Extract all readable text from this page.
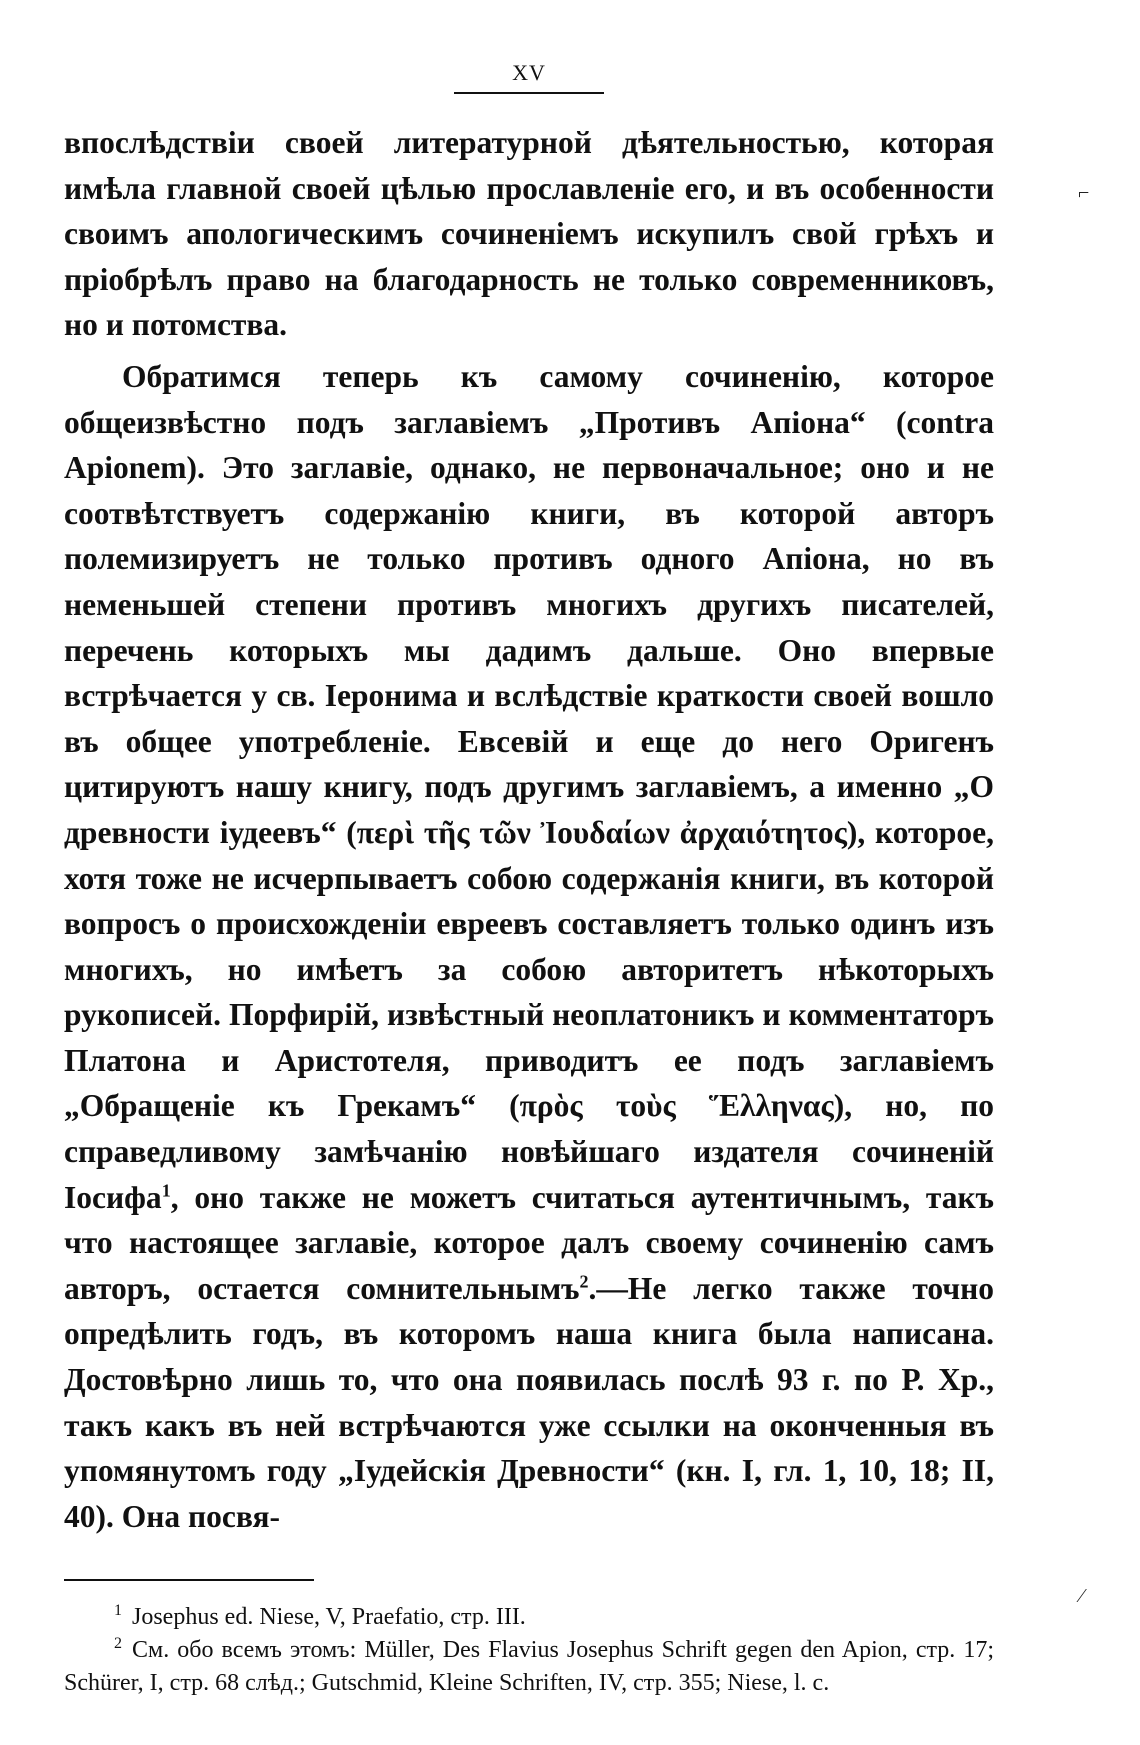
XV

впослѣдствіи своей литературной дѣятельностью, которая имѣла главной своей цѣлью прославленіе его, и въ особенности своимъ апологическимъ сочиненіемъ искупилъ свой грѣхъ и пріобрѣлъ право на благодарность не только современниковъ, но и потомства.

Обратимся теперь къ самому сочиненію, которое общеизвѣстно подъ заглавіемъ „Противъ Апіона“ (contra Apionem). Это заглавіе, однако, не первоначальное; оно и не соотвѣтствуетъ содержанію книги, въ которой авторъ полемизируетъ не только противъ одного Апіона, но въ неменьшей степени противъ многихъ другихъ писателей, перечень которыхъ мы дадимъ дальше. Оно впервые встрѣчается у св. Іеронима и вслѣдствіе краткости своей вошло въ общее употребленіе. Евсевій и еще до него Оригенъ цитируютъ нашу книгу, подъ другимъ заглавіемъ, а именно „О древности іудеевъ“ (περὶ τῆς τῶν Ἰουδαίων ἀρχαιότητος), которое, хотя тоже не исчерпываетъ собою содержанія книги, въ которой вопросъ о происхожденіи евреевъ составляетъ только одинъ изъ многихъ, но имѣетъ за собою авторитетъ нѣкоторыхъ рукописей. Порфирій, извѣстный неоплатоникъ и комментаторъ Платона и Аристотеля, приводитъ ее подъ заглавіемъ „Обращеніе къ Грекамъ“ (πρὸς τοὺς Ἕλληνας), но, по справедливому замѣчанію новѣйшаго издателя сочиненій Іосифа$^1$, оно также не можетъ считаться аутентичнымъ, такъ что настоящее заглавіе, которое далъ своему сочиненію самъ авторъ, остается сомнительнымъ$^2$.—Не легко также точно опредѣлить годъ, въ которомъ наша книга была написана. Достовѣрно лишь то, что она появилась послѣ 93 г. по Р. Хр., такъ какъ въ ней встрѣчаются уже ссылки на оконченныя въ упомянутомъ году „Іудейскія Древности“ (кн. I, гл. 1, 10, 18; II, 40). Она посвя-

$^1$ Josephus ed. Niese, V, Praefatio, стр. III.

$^2$ См. обо всемъ этомъ: Müller, Des Flavius Josephus Schrift gegen den Apion, стр. 17; Schürer, I, стр. 68 слѣд.; Gutschmid, Kleine Schriften, IV, стр. 355; Niese, l. c.

⌐
⁄
